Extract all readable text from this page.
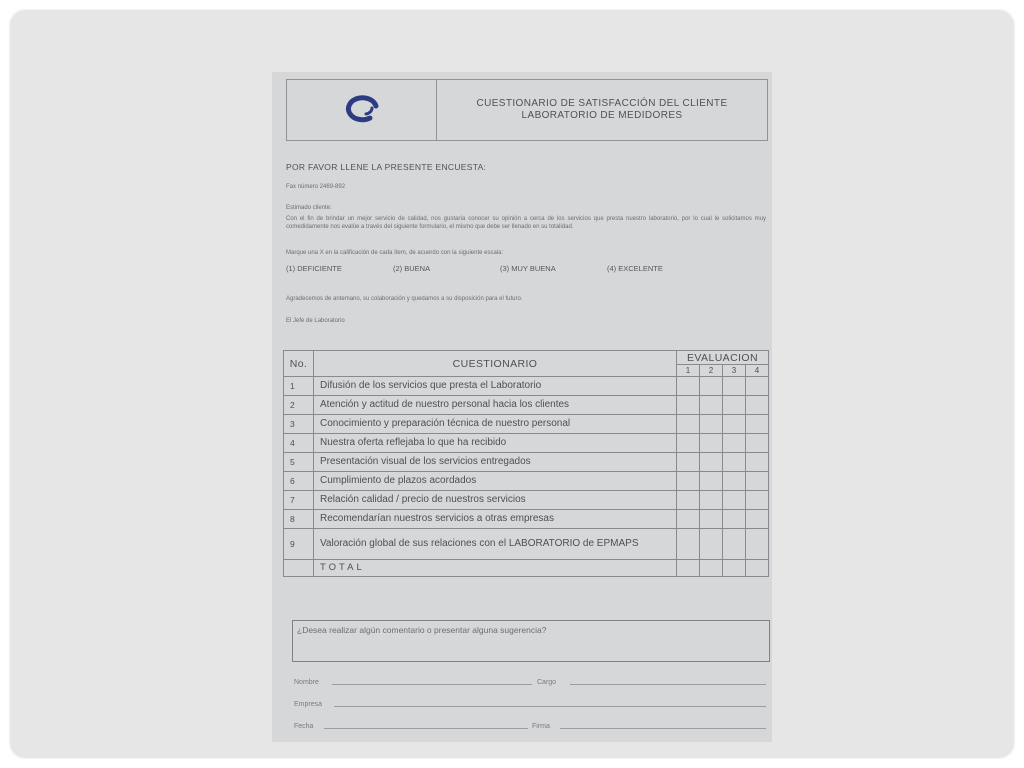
CUESTIONARIO DE SATISFACCIÓN DEL CLIENTE
LABORATORIO DE MEDIDORES
POR FAVOR LLENE LA PRESENTE ENCUESTA:
Fax número 2469-892
Estimado cliente:
Con el fin de brindar un mejor servicio de calidad, nos gustaría conocer su opinión a cerca de los servicios que presta nuestro laboratorio, por lo cual le solicitamos muy comedidamente nos evalúe a través del siguiente formulario, el mismo que debe ser llenado en su totalidad.
Marque una X en la calificación de cada ítem, de acuerdo con la siguiente escala:
(1) DEFICIENTE	(2) BUENA	(3) MUY BUENA	(4) EXCELENTE
Agradecemos de antemano, su colaboración y quedamos a su disposición para el futuro.
El Jefe de Laboratorio
No.	CUESTIONARIO	EVALUACION			
		1	2	3	4
1	Difusión de los servicios que presta el Laboratorio				
2	Atención y actitud de nuestro personal hacia los clientes				
3	Conocimiento y preparación técnica de nuestro personal				
4	Nuestra oferta reflejaba lo que ha recibido				
5	Presentación visual de los servicios entregados				
6	Cumplimiento de plazos acordados				
7	Relación calidad / precio de nuestros servicios				
8	Recomendarían nuestros servicios a otras empresas				
9	Valoración global de sus relaciones con el LABORATORIO de EPMAPS				
	TOTAL				
¿Desea realizar algún comentario o presentar alguna sugerencia?
Nombre	Cargo
Empresa
Fecha	Firma
